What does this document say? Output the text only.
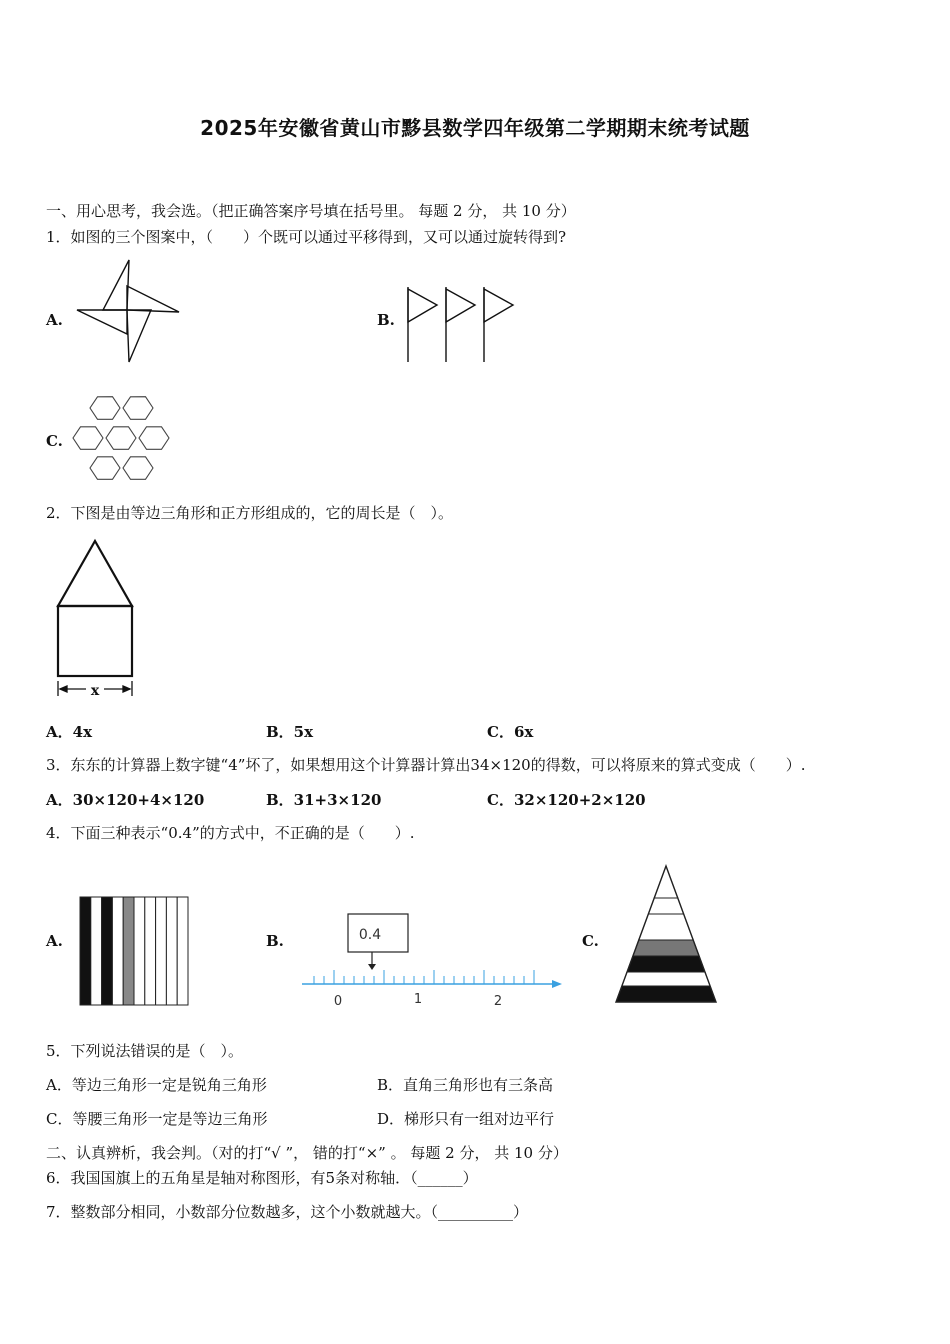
2025年安徽省黄山市黟县数学四年级第二学期期末统考试题
一、用心思考，我会选。（把正确答案序号填在括号里。 每题 2 分， 共 10 分）
1．如图的三个图案中，（　　）个既可以通过平移得到，又可以通过旋转得到?
A.	B.
C.
2．下图是由等边三角形和正方形组成的，它的周长是（　）。
x
A．4x	B．5x	C．6x
3．东东的计算器上数字键“4”坏了，如果想用这个计算器计算出34×120的得数，可以将原来的算式变成（　　）.
A．30×120+4×120	B．31+3×120	C．32×120+2×120
4．下面三种表示“0.4”的方式中，不正确的是（　　）.
A.	B.	0.4
0	1	2
C.
5．下列说法错误的是（　）。
A．等边三角形一定是锐角三角形	B．直角三角形也有三条高
C．等腰三角形一定是等边三角形	D．梯形只有一组对边平行
二、认真辨析，我会判。（对的打“√ ”， 错的打“×” 。 每题 2 分， 共 10 分）
6．我国国旗上的五角星是轴对称图形，有5条对称轴．（______）
7．整数部分相同，小数部分位数越多，这个小数就越大。（__________）
